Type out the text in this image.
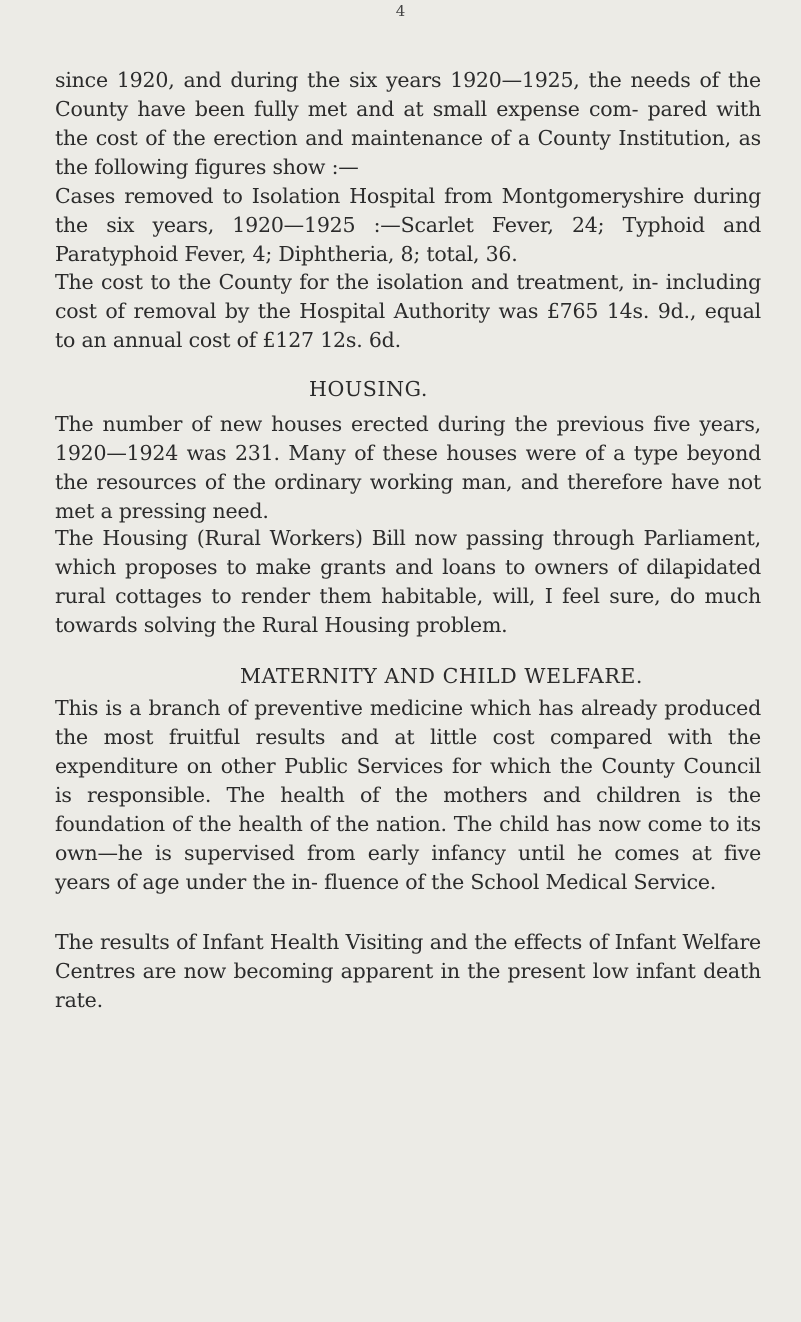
4

since 1920, and during the six years 1920—1925, the needs of the County have been fully met and at small expense com- pared with the cost of the erection and maintenance of a County Institution, as the following figures show :—

Cases removed to Isolation Hospital from Montgomeryshire during the six years, 1920—1925 :—Scarlet Fever, 24; Typhoid and Paratyphoid Fever, 4; Diphtheria, 8; total, 36.

The cost to the County for the isolation and treatment, in- including cost of removal by the Hospital Authority was £765 14s. 9d., equal to an annual cost of £127 12s. 6d.

HOUSING.

The number of new houses erected during the previous five years, 1920—1924 was 231. Many of these houses were of a type beyond the resources of the ordinary working man, and therefore have not met a pressing need.

The Housing (Rural Workers) Bill now passing through Parliament, which proposes to make grants and loans to owners of dilapidated rural cottages to render them habitable, will, I feel sure, do much towards solving the Rural Housing problem.

MATERNITY AND CHILD WELFARE.

This is a branch of preventive medicine which has already produced the most fruitful results and at little cost compared with the expenditure on other Public Services for which the County Council is responsible. The health of the mothers and children is the foundation of the health of the nation. The child has now come to its own—he is supervised from early infancy until he comes at five years of age under the in- fluence of the School Medical Service.

The results of Infant Health Visiting and the effects of Infant Welfare Centres are now becoming apparent in the present low infant death rate.
